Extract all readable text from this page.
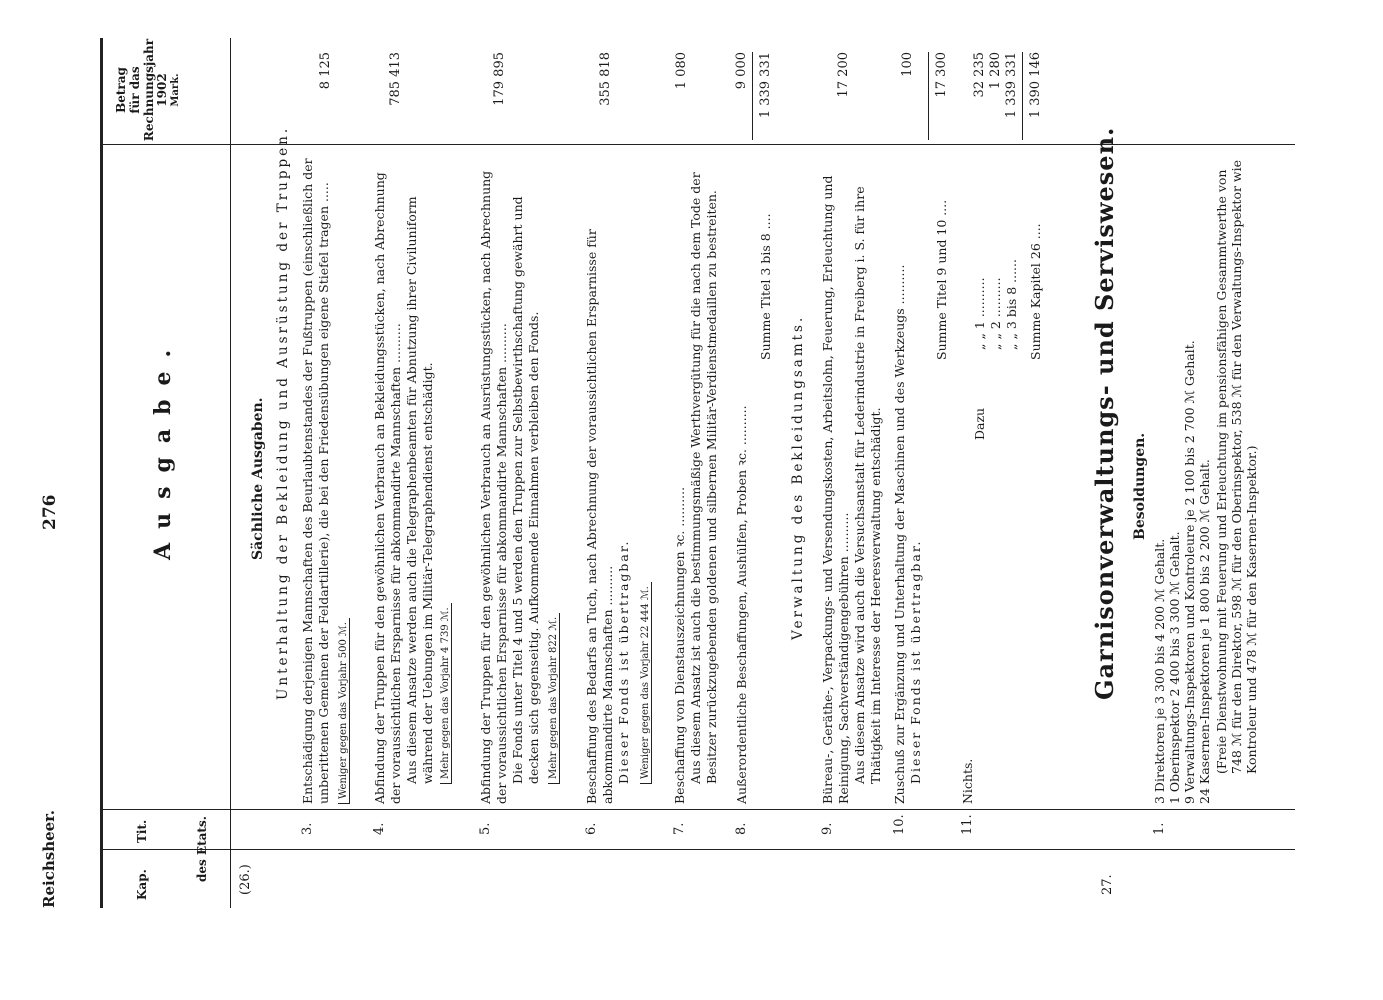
Reichsheer.
276
Kap.
Tit.	des Etats.
Betrag für das Rechnungsjahr 1902 Mark.
Ausgabe.
(26.)
Sächliche Ausgaben. Unterhaltung der Bekleidung und Ausrüstung der Truppen.
3.
Entschädigung derjenigen Mannschaften des Beurlaubtenstandes der Fußtruppen (einschließlich der unberittenen Gemeinen der Feldartillerie), die bei den Friedensübungen eigene Stiefel tragen ..... Weniger gegen das Vorjahr 500 ℳ.
8 125
4.
Abfindung der Truppen für den gewöhnlichen Verbrauch an Bekleidungsstücken, nach Abrechnung der voraussichtlichen Ersparnisse für abkommandirte Mannschaften .......... Aus diesem Ansatze werden auch die Telegraphenbeamten für Abnutzung ihrer Civiluniform während der Uebungen im Militär-Telegraphendienst entschädigt. Mehr gegen das Vorjahr 4 739 ℳ.
785 413
5.
Abfindung der Truppen für den gewöhnlichen Verbrauch an Ausrüstungsstücken, nach Abrechnung der voraussichtlichen Ersparnisse für abkommandirte Mannschaften .......... Die Fonds unter Titel 4 und 5 werden den Truppen zur Selbstbewirthschaftung gewährt und decken sich gegenseitig. Aufkommende Einnahmen verbleiben den Fonds. Mehr gegen das Vorjahr 822 ℳ.
179 895
6.
Beschaffung des Bedarfs an Tuch, nach Abrechnung der voraussichtlichen Ersparnisse für abkommandirte Mannschaften .......... Dieser Fonds ist übertragbar. Weniger gegen das Vorjahr 22 444 ℳ.
355 818
7.
Beschaffung von Dienstauszeichnungen ꝛc. .......... Aus diesem Ansatz ist auch die bestimmungsmäßige Werthvergütung für die nach dem Tode der Besitzer zurückzugebenden goldenen und silbernen Militär-Verdienstmedaillen zu bestreiten.
1 080
8.
Außerordentliche Beschaffungen, Aushülfen, Proben ꝛc. ..........
9 000
Summe Titel 3 bis 8 ....
1 339 331
Verwaltung des Bekleidungsamts.
9.
Büreau-, Geräthe-, Verpackungs- und Versendungskosten, Arbeitslohn, Feuerung, Erleuchtung und Reinigung, Sachverständigengebühren .......... Aus diesem Ansatze wird auch die Versuchsanstalt für Lederindustrie in Freiberg i. S. für ihre Thätigkeit im Interesse der Heeresverwaltung entschädigt.
17 200
10.
Zuschuß zur Ergänzung und Unterhaltung der Maschinen und des Werkzeugs .......... Dieser Fonds ist übertragbar.
100
Summe Titel 9 und 10 ....
17 300
11.
Nichts.
Dazu
„ „ 1 ..........
32 235
„ „ 2 ..........
1 280
„ „ 3 bis 8 ......
1 339 331
Summe Kapitel 26 ....
1 390 146
27.
Garnisonverwaltungs- und Serviswesen. Besoldungen.
1.
3 Direktoren je 3 300 bis 4 200 ℳ Gehalt. 1 Oberinspektor 2 400 bis 3 300 ℳ Gehalt. 9 Verwaltungs-Inspektoren und Kontroleure je 2 100 bis 2 700 ℳ Gehalt. 24 Kasernen-Inspektoren je 1 800 bis 2 200 ℳ Gehalt. (Freie Dienstwohnung mit Feuerung und Erleuchtung im pensionsfähigen Gesammtwerthe von 748 ℳ für den Direktor, 598 ℳ für den Oberinspektor, 538 ℳ für den Verwaltungs-Inspektor wie Kontroleur und 478 ℳ für den Kasernen-Inspektor.)
